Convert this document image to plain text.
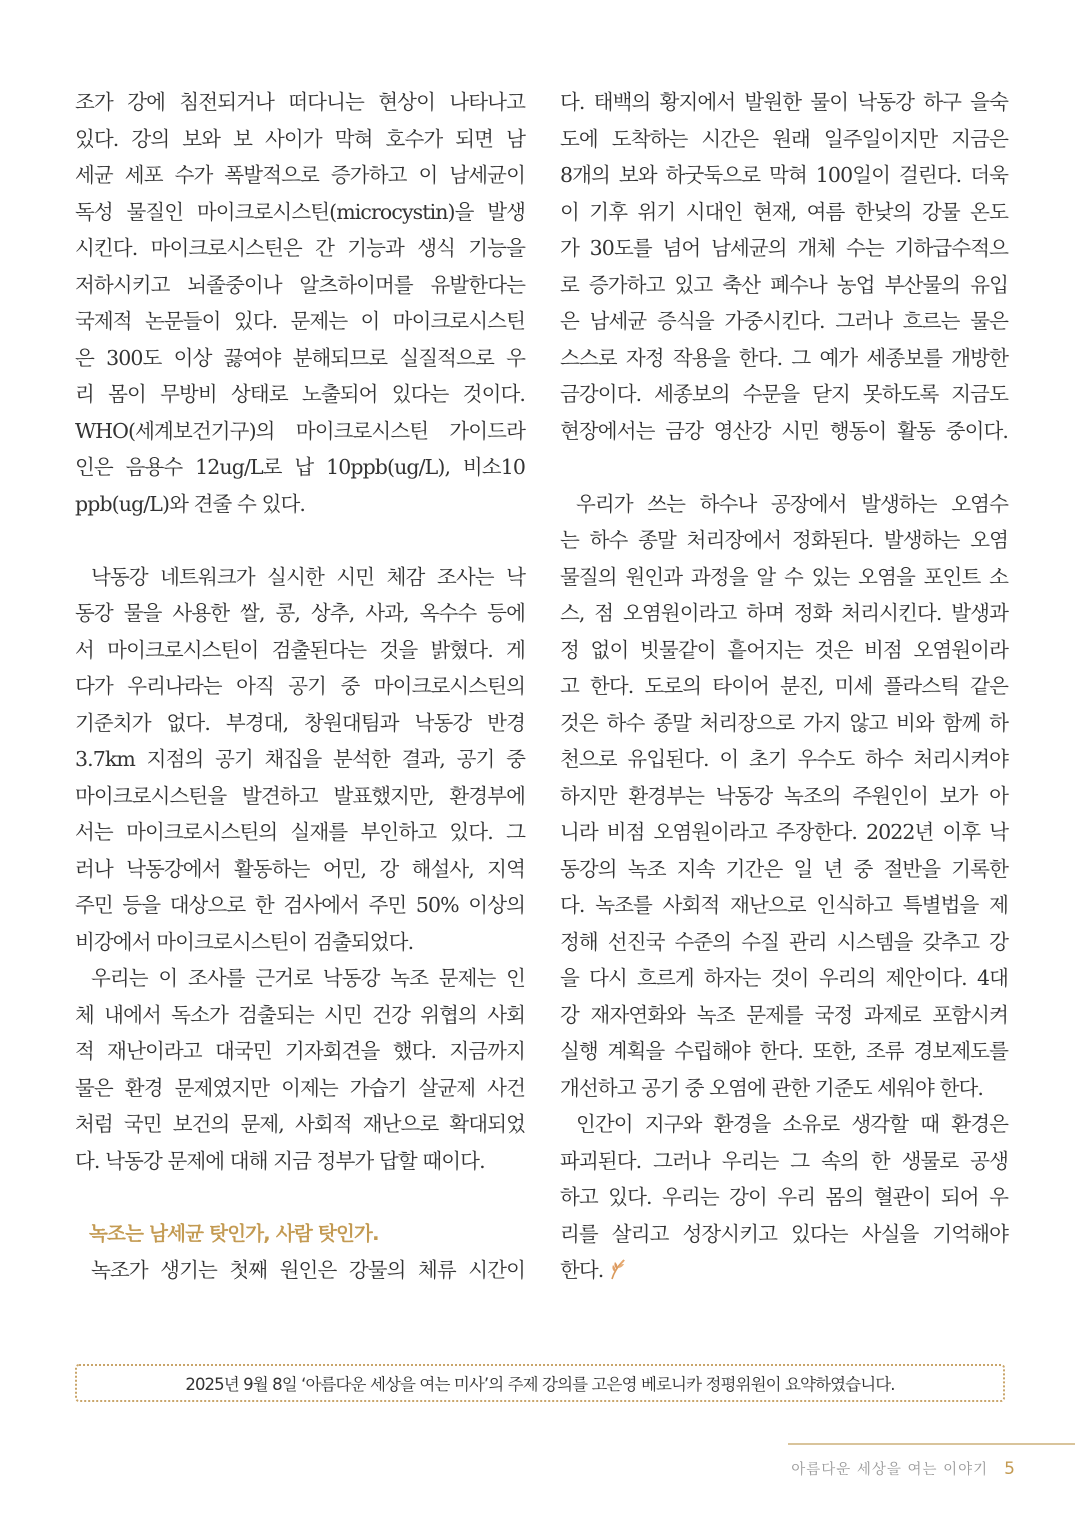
조가 강에 침전되거나 떠다니는 현상이 나타나고
있다. 강의 보와 보 사이가 막혀 호수가 되면 남
세균 세포 수가 폭발적으로 증가하고 이 남세균이
독성 물질인 마이크로시스틴(microcystin)을 발생
시킨다. 마이크로시스틴은 간 기능과 생식 기능을
저하시키고 뇌졸중이나 알츠하이머를 유발한다는
국제적 논문들이 있다. 문제는 이 마이크로시스틴
은 300도 이상 끓여야 분해되므로 실질적으로 우
리 몸이 무방비 상태로 노출되어 있다는 것이다.
WHO(세계보건기구)의 마이크로시스틴 가이드라
인은 음용수 12ug/L로 납 10ppb(ug/L), 비소10
ppb(ug/L)와 견줄 수 있다.
낙동강 네트워크가 실시한 시민 체감 조사는 낙
동강 물을 사용한 쌀, 콩, 상추, 사과, 옥수수 등에
서 마이크로시스틴이 검출된다는 것을 밝혔다. 게
다가 우리나라는 아직 공기 중 마이크로시스틴의
기준치가 없다. 부경대, 창원대팀과 낙동강 반경
3.7km 지점의 공기 채집을 분석한 결과, 공기 중
마이크로시스틴을 발견하고 발표했지만, 환경부에
서는 마이크로시스틴의 실재를 부인하고 있다. 그
러나 낙동강에서 활동하는 어민, 강 해설사, 지역
주민 등을 대상으로 한 검사에서 주민 50% 이상의
비강에서 마이크로시스틴이 검출되었다.
우리는 이 조사를 근거로 낙동강 녹조 문제는 인
체 내에서 독소가 검출되는 시민 건강 위협의 사회
적 재난이라고 대국민 기자회견을 했다. 지금까지
물은 환경 문제였지만 이제는 가습기 살균제 사건
처럼 국민 보건의 문제, 사회적 재난으로 확대되었
다. 낙동강 문제에 대해 지금 정부가 답할 때이다.
녹조는 남세균 탓인가, 사람 탓인가.
녹조가 생기는 첫째 원인은 강물의 체류 시간이
다. 태백의 황지에서 발원한 물이 낙동강 하구 을숙
도에 도착하는 시간은 원래 일주일이지만 지금은
8개의 보와 하굿둑으로 막혀 100일이 걸린다. 더욱
이 기후 위기 시대인 현재, 여름 한낮의 강물 온도
가 30도를 넘어 남세균의 개체 수는 기하급수적으
로 증가하고 있고 축산 폐수나 농업 부산물의 유입
은 남세균 증식을 가중시킨다. 그러나 흐르는 물은
스스로 자정 작용을 한다. 그 예가 세종보를 개방한
금강이다. 세종보의 수문을 닫지 못하도록 지금도
현장에서는 금강 영산강 시민 행동이 활동 중이다.
우리가 쓰는 하수나 공장에서 발생하는 오염수
는 하수 종말 처리장에서 정화된다. 발생하는 오염
물질의 원인과 과정을 알 수 있는 오염을 포인트 소
스, 점 오염원이라고 하며 정화 처리시킨다. 발생과
정 없이 빗물같이 흩어지는 것은 비점 오염원이라
고 한다. 도로의 타이어 분진, 미세 플라스틱 같은
것은 하수 종말 처리장으로 가지 않고 비와 함께 하
천으로 유입된다. 이 초기 우수도 하수 처리시켜야
하지만 환경부는 낙동강 녹조의 주원인이 보가 아
니라 비점 오염원이라고 주장한다. 2022년 이후 낙
동강의 녹조 지속 기간은 일 년 중 절반을 기록한
다. 녹조를 사회적 재난으로 인식하고 특별법을 제
정해 선진국 수준의 수질 관리 시스템을 갖추고 강
을 다시 흐르게 하자는 것이 우리의 제안이다. 4대
강 재자연화와 녹조 문제를 국정 과제로 포함시켜
실행 계획을 수립해야 한다. 또한, 조류 경보제도를
개선하고 공기 중 오염에 관한 기준도 세워야 한다.
인간이 지구와 환경을 소유로 생각할 때 환경은
파괴된다. 그러나 우리는 그 속의 한 생물로 공생
하고 있다. 우리는 강이 우리 몸의 혈관이 되어 우
리를 살리고 성장시키고 있다는 사실을 기억해야
한다.
2025년 9월 8일 ‘아름다운 세상을 여는 미사’의 주제 강의를 고은영 베로니카 정평위원이 요약하였습니다.
아름다운 세상을 여는 이야기 5
